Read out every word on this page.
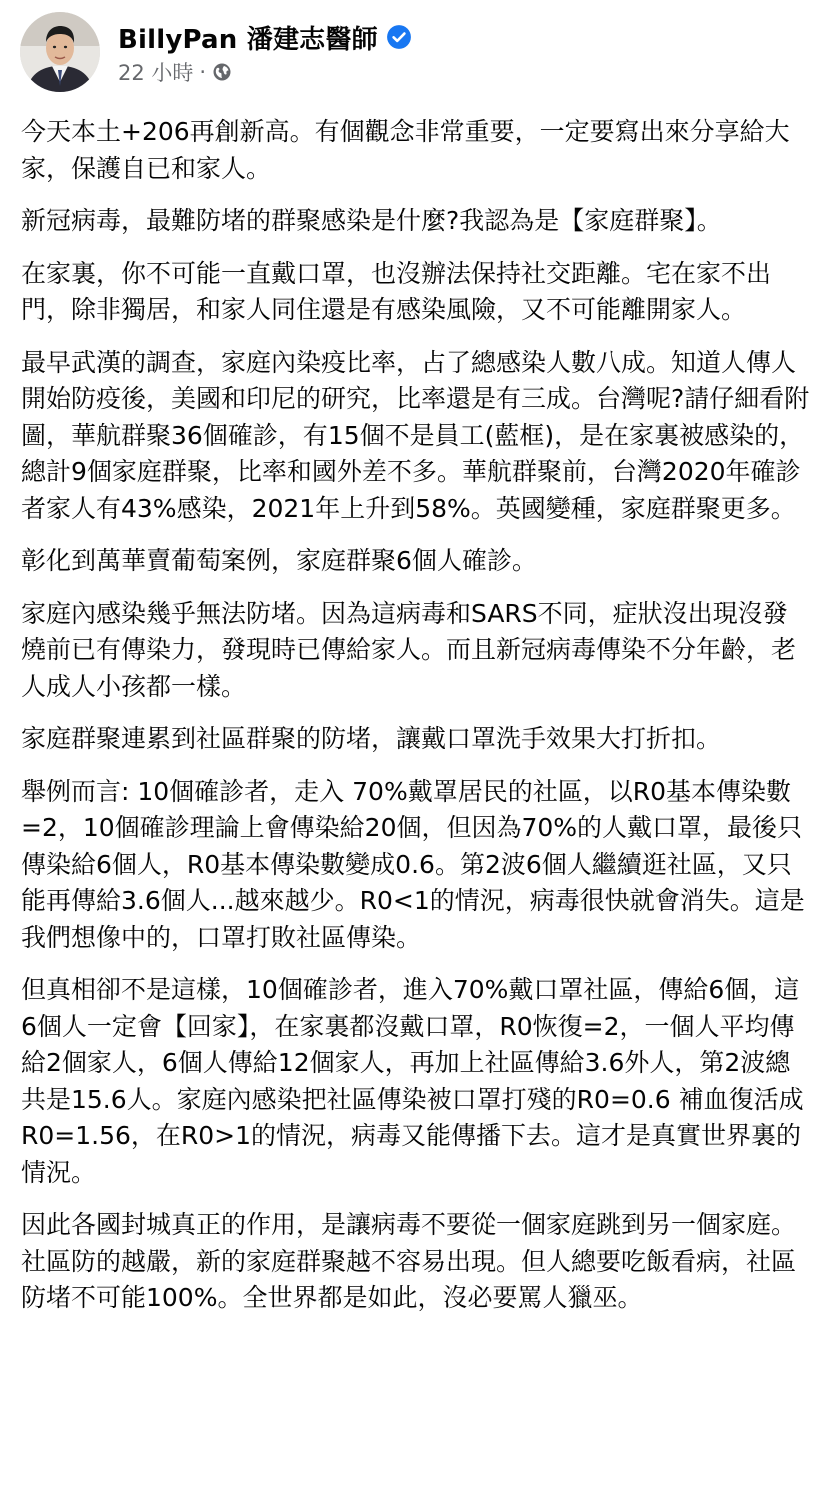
BillyPan 潘建志醫師
22 小時 ·

今天本土+206再創新高。有個觀念非常重要，一定要寫出來分享給大家，保護自已和家人。

新冠病毒，最難防堵的群聚感染是什麼?我認為是【家庭群聚】。

在家裏，你不可能一直戴口罩，也沒辦法保持社交距離。宅在家不出門，除非獨居，和家人同住還是有感染風險，又不可能離開家人。

最早武漢的調查，家庭內染疫比率，占了總感染人數八成。知道人傳人開始防疫後，美國和印尼的研究，比率還是有三成。台灣呢?請仔細看附圖，華航群聚36個確診，有15個不是員工(藍框)，是在家裏被感染的，總計9個家庭群聚，比率和國外差不多。華航群聚前，台灣2020年確診者家人有43%感染，2021年上升到58%。英國變種，家庭群聚更多。

彰化到萬華賣葡萄案例，家庭群聚6個人確診。

家庭內感染幾乎無法防堵。因為這病毒和SARS不同，症狀沒出現沒發燒前已有傳染力，發現時已傳給家人。而且新冠病毒傳染不分年齡，老人成人小孩都一樣。

家庭群聚連累到社區群聚的防堵，讓戴口罩洗手效果大打折扣。

舉例而言: 10個確診者，走入 70%戴罩居民的社區，以R0基本傳染數=2，10個確診理論上會傳染給20個，但因為70%的人戴口罩，最後只傳染給6個人，R0基本傳染數變成0.6。第2波6個人繼續逛社區，又只能再傳給3.6個人...越來越少。R0<1的情況，病毒很快就會消失。這是我們想像中的，口罩打敗社區傳染。

但真相卻不是這樣，10個確診者，進入70%戴口罩社區，傳給6個，這6個人一定會【回家】，在家裏都沒戴口罩，R0恢復=2，一個人平均傳給2個家人，6個人傳給12個家人，再加上社區傳給3.6外人，第2波總共是15.6人。家庭內感染把社區傳染被口罩打殘的R0=0.6 補血復活成R0=1.56，在R0>1的情況，病毒又能傳播下去。這才是真實世界裏的情況。

因此各國封城真正的作用，是讓病毒不要從一個家庭跳到另一個家庭。社區防的越嚴，新的家庭群聚越不容易出現。但人總要吃飯看病，社區防堵不可能100%。全世界都是如此，沒必要罵人獵巫。
